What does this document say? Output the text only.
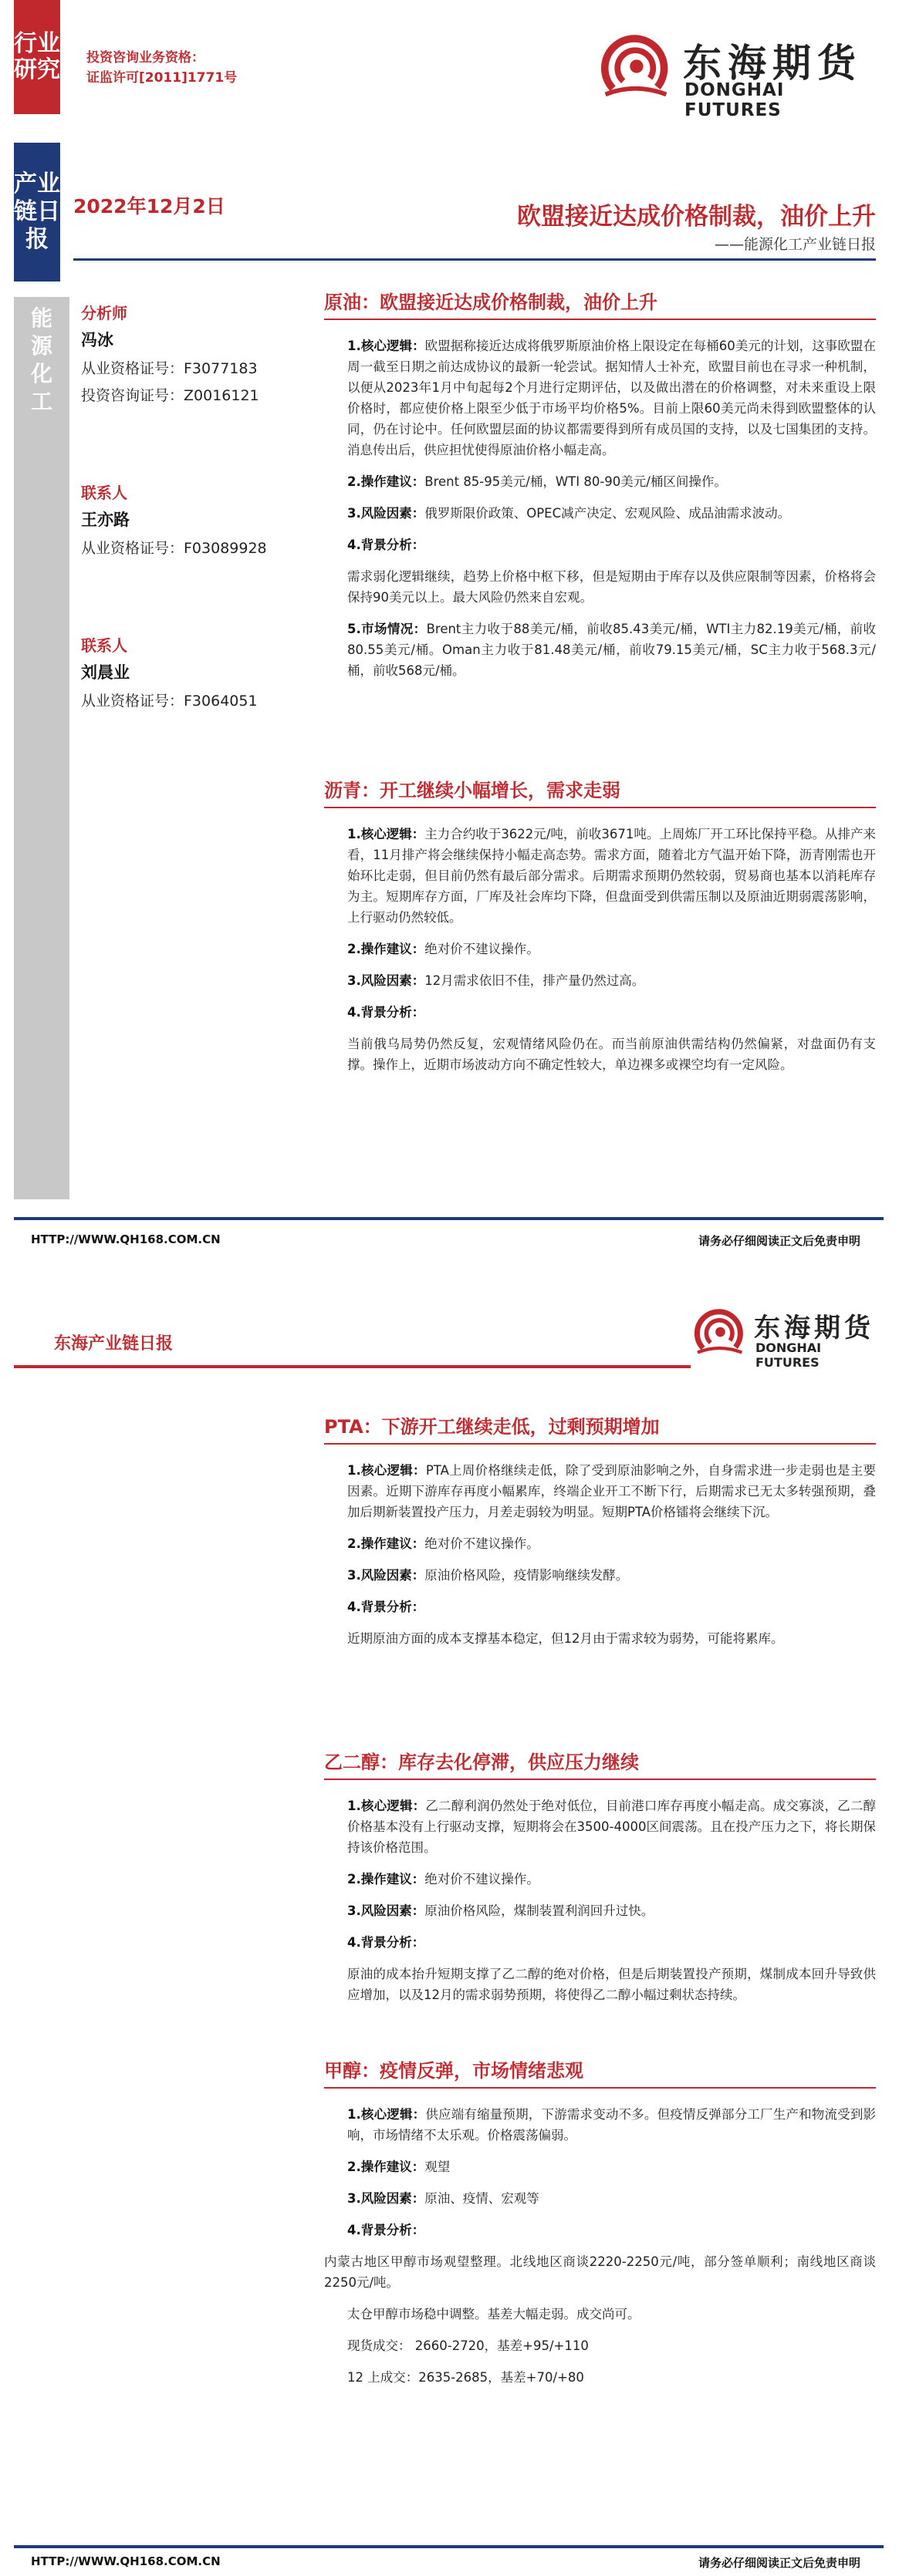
行业
研究 投资咨询业务资格：
证监许可[2011]1771号	东海期货
DONGHAI FUTURES
产业
链日
报
2022年12月2日	欧盟接近达成价格制裁，油价上升
——能源化工产业链日报
能
源
化
工
分析师
冯冰
从业资格证号：F3077183
投资咨询证号：Z0016121
联系人
王亦路
从业资格证号：F03089928
联系人
刘晨业
从业资格证号：F3064051
原油：欧盟接近达成价格制裁，油价上升
1.核心逻辑：欧盟据称接近达成将俄罗斯原油价格上限设定在每桶60美元的计划，这事欧盟在周一截至日期之前达成协议的最新一轮尝试。据知情人士补充，欧盟目前也在寻求一种机制，以便从2023年1月中旬起每2个月进行定期评估，以及做出潜在的价格调整，对未来重设上限价格时，都应使价格上限至少低于市场平均价格5%。目前上限60美元尚未得到欧盟整体的认同，仍在讨论中。任何欧盟层面的协议都需要得到所有成员国的支持，以及七国集团的支持。消息传出后，供应担忧使得原油价格小幅走高。
2.操作建议：Brent 85-95美元/桶，WTI 80-90美元/桶区间操作。
3.风险因素：俄罗斯限价政策、OPEC减产决定、宏观风险、成品油需求波动。
4.背景分析：
需求弱化逻辑继续，趋势上价格中枢下移，但是短期由于库存以及供应限制等因素，价格将会保持90美元以上。最大风险仍然来自宏观。
5.市场情况：Brent主力收于88美元/桶，前收85.43美元/桶，WTI主力82.19美元/桶，前收80.55美元/桶。Oman主力收于81.48美元/桶，前收79.15美元/桶，SC主力收于568.3元/桶，前收568元/桶。
沥青：开工继续小幅增长，需求走弱
1.核心逻辑：主力合约收于3622元/吨，前收3671吨。上周炼厂开工环比保持平稳。从排产来看，11月排产将会继续保持小幅走高态势。需求方面，随着北方气温开始下降，沥青刚需也开始环比走弱，但目前仍然有最后部分需求。后期需求预期仍然较弱，贸易商也基本以消耗库存为主。短期库存方面，厂库及社会库均下降，但盘面受到供需压制以及原油近期弱震荡影响，上行驱动仍然较低。
2.操作建议：绝对价不建议操作。
3.风险因素：12月需求依旧不佳，排产量仍然过高。
4.背景分析：
当前俄乌局势仍然反复，宏观情绪风险仍在。而当前原油供需结构仍然偏紧，对盘面仍有支撑。操作上，近期市场波动方向不确定性较大，单边裸多或裸空均有一定风险。
HTTP://WWW.QH168.COM.CN	请务必仔细阅读正文后免责申明
东海产业链日报
东海期货
DONGHAI FUTURES
PTA：下游开工继续走低，过剩预期增加
1.核心逻辑：PTA上周价格继续走低，除了受到原油影响之外，自身需求进一步走弱也是主要因素。近期下游库存再度小幅累库，终端企业开工不断下行，后期需求已无太多转强预期，叠加后期新装置投产压力，月差走弱较为明显。短期PTA价格镭将会继续下沉。
2.操作建议：绝对价不建议操作。
3.风险因素：原油价格风险，疫情影响继续发酵。
4.背景分析：
近期原油方面的成本支撑基本稳定，但12月由于需求较为弱势，可能将累库。
乙二醇：库存去化停滞，供应压力继续
1.核心逻辑：乙二醇利润仍然处于绝对低位，目前港口库存再度小幅走高。成交寡淡，乙二醇价格基本没有上行驱动支撑，短期将会在3500-4000区间震荡。且在投产压力之下，将长期保持该价格范围。
2.操作建议：绝对价不建议操作。
3.风险因素：原油价格风险，煤制装置利润回升过快。
4.背景分析：
原油的成本抬升短期支撑了乙二醇的绝对价格，但是后期装置投产预期，煤制成本回升导致供应增加，以及12月的需求弱势预期，将使得乙二醇小幅过剩状态持续。
甲醇：疫情反弹，市场情绪悲观
1.核心逻辑：供应端有缩量预期，下游需求变动不多。但疫情反弹部分工厂生产和物流受到影响，市场情绪不太乐观。价格震荡偏弱。
2.操作建议：观望
3.风险因素：原油、疫情、宏观等
4.背景分析：
内蒙古地区甲醇市场观望整理。北线地区商谈2220-2250元/吨，部分签单顺利；南线地区商谈2250元/吨。
太仓甲醇市场稳中调整。基差大幅走弱。成交尚可。
现货成交： 2660-2720，基差+95/+110
12 上成交：2635-2685，基差+70/+80
HTTP://WWW.QH168.COM.CN	请务必仔细阅读正文后免责申明
